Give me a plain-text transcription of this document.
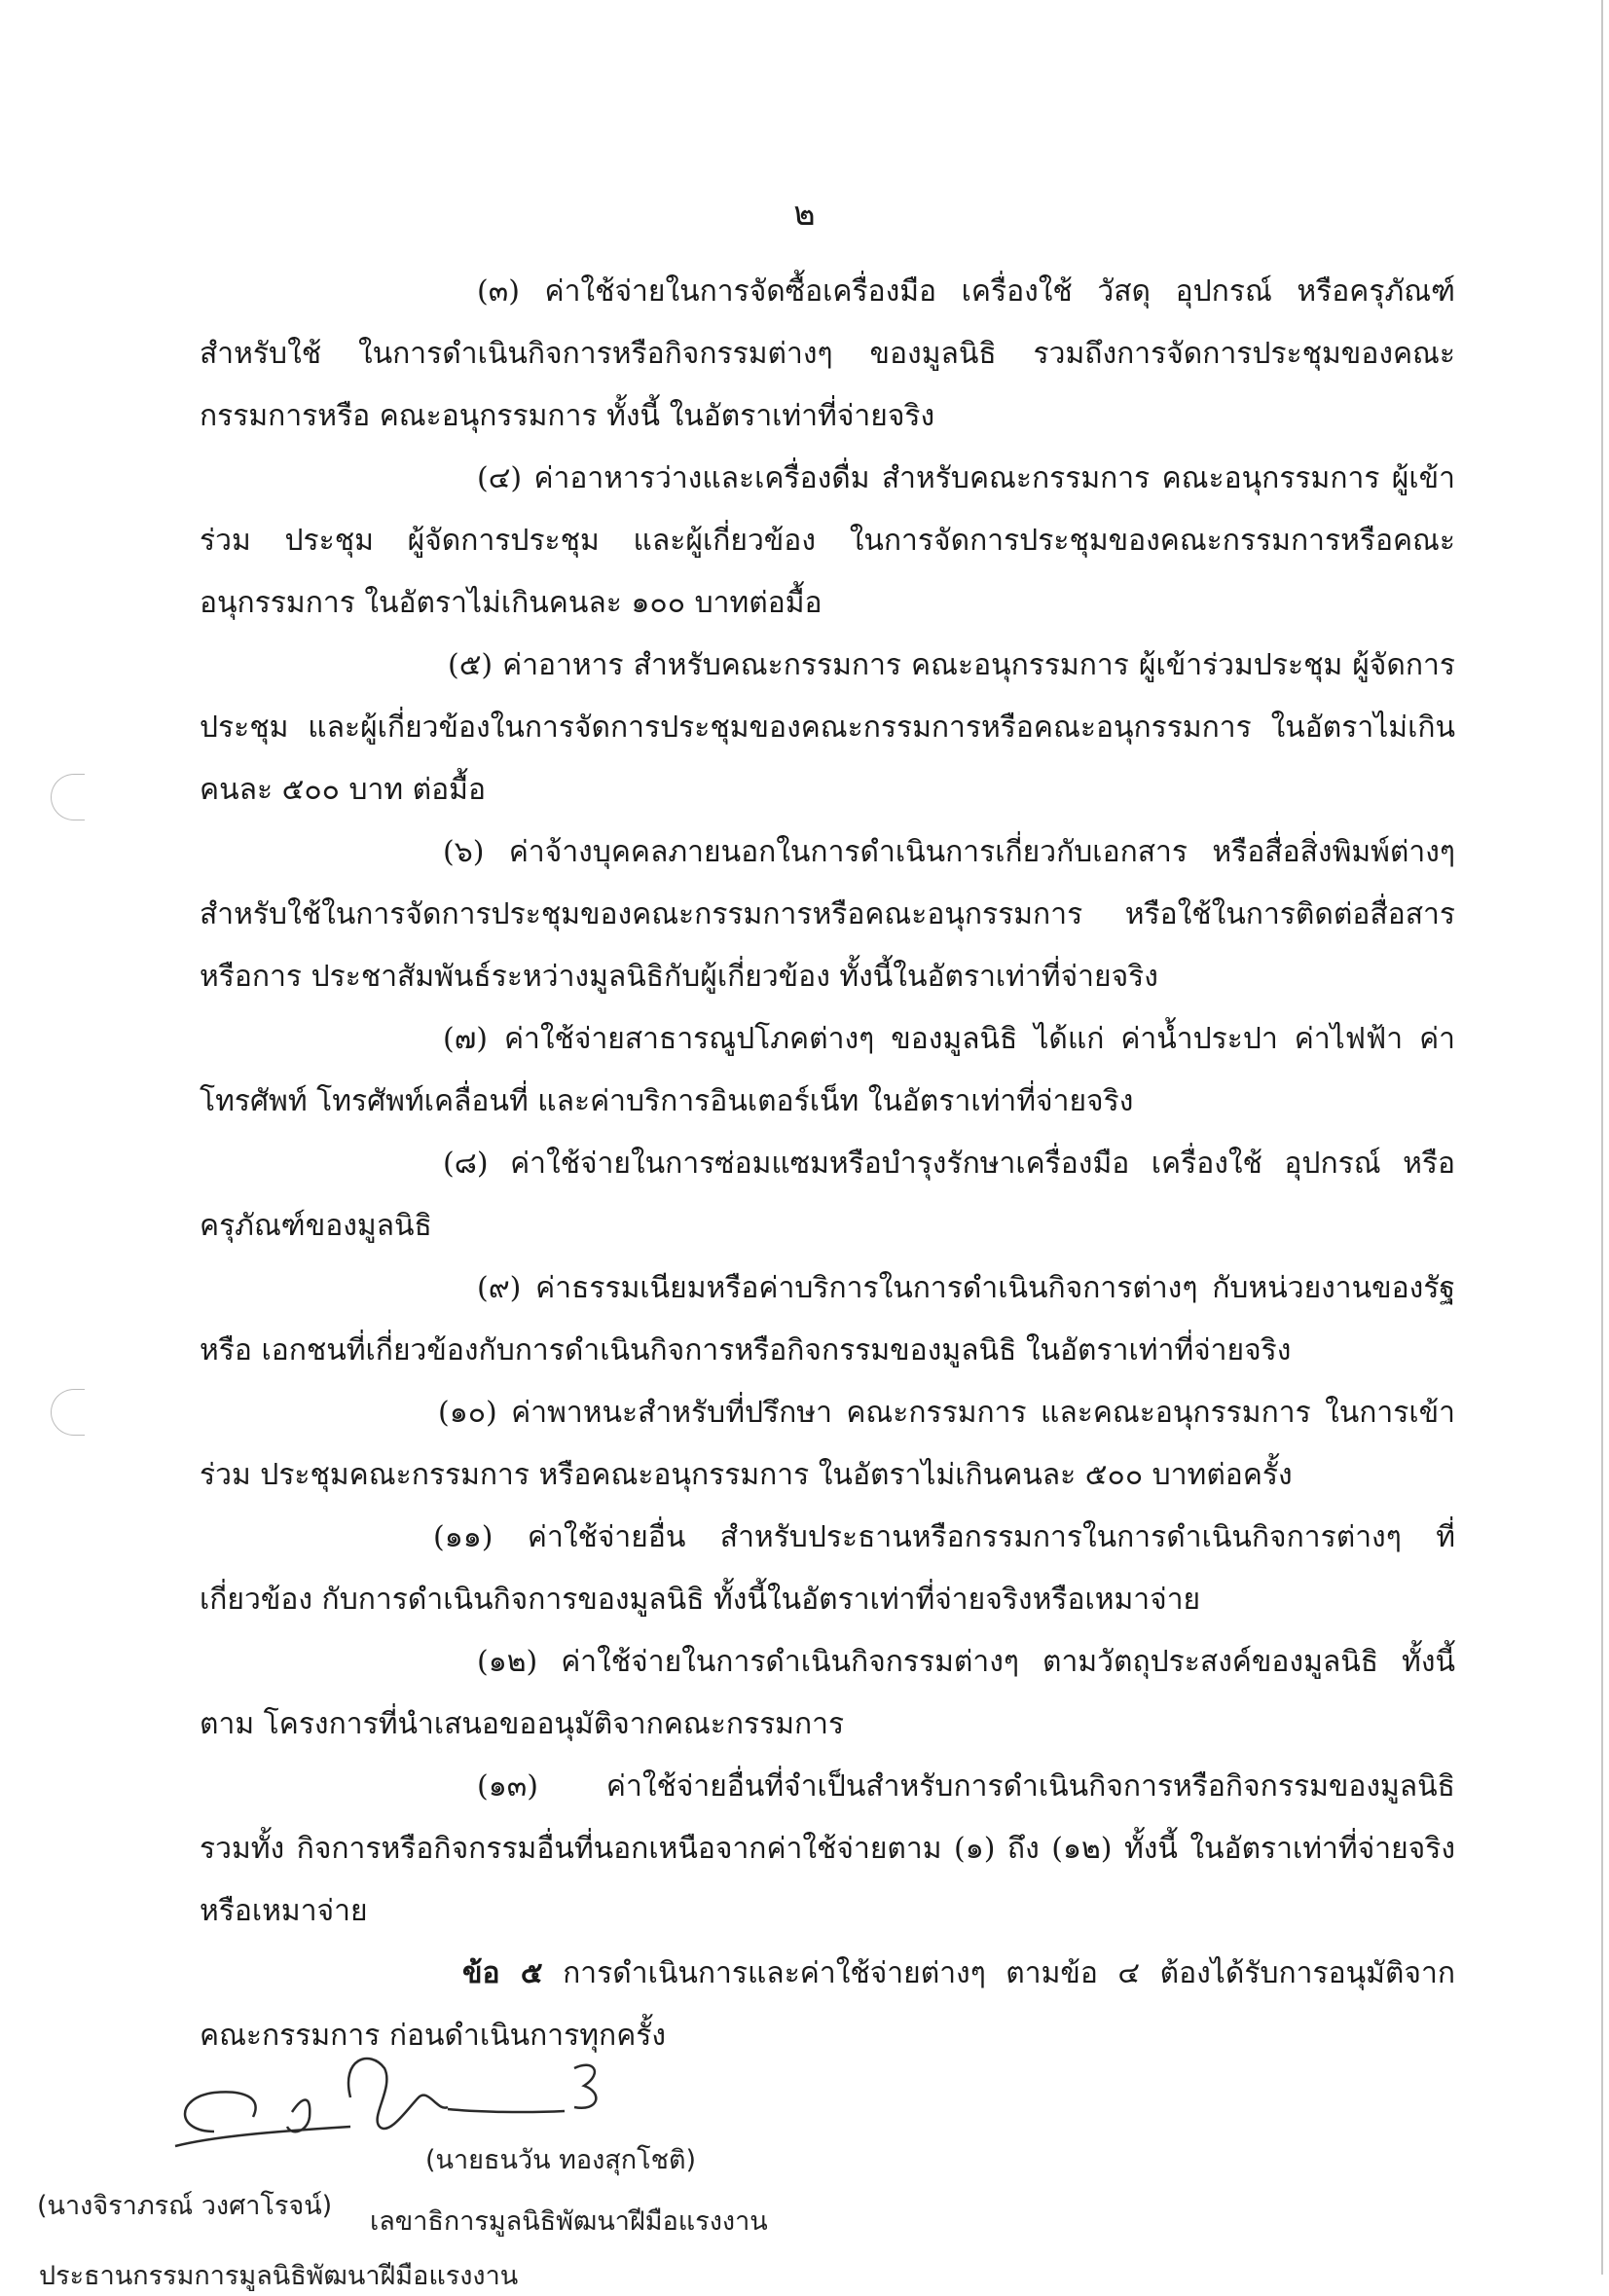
๒

(๓) ค่าใช้จ่ายในการจัดซื้อเครื่องมือ เครื่องใช้ วัสดุ อุปกรณ์ หรือครุภัณฑ์ สำหรับใช้ ในการดำเนินกิจการหรือกิจกรรมต่างๆ ของมูลนิธิ รวมถึงการจัดการประชุมของคณะกรรมการหรือ คณะอนุกรรมการ ทั้งนี้ ในอัตราเท่าที่จ่ายจริง

(๔) ค่าอาหารว่างและเครื่องดื่ม สำหรับคณะกรรมการ คณะอนุกรรมการ ผู้เข้าร่วม ประชุม ผู้จัดการประชุม และผู้เกี่ยวข้อง ในการจัดการประชุมของคณะกรรมการหรือคณะอนุกรรมการ ในอัตราไม่เกินคนละ ๑๐๐ บาทต่อมื้อ

(๕) ค่าอาหาร สำหรับคณะกรรมการ คณะอนุกรรมการ ผู้เข้าร่วมประชุม ผู้จัดการประชุม และผู้เกี่ยวข้องในการจัดการประชุมของคณะกรรมการหรือคณะอนุกรรมการ ในอัตราไม่เกินคนละ ๕๐๐ บาท ต่อมื้อ

(๖) ค่าจ้างบุคคลภายนอกในการดำเนินการเกี่ยวกับเอกสาร หรือสื่อสิ่งพิมพ์ต่างๆ สำหรับใช้ในการจัดการประชุมของคณะกรรมการหรือคณะอนุกรรมการ หรือใช้ในการติดต่อสื่อสารหรือการ ประชาสัมพันธ์ระหว่างมูลนิธิกับผู้เกี่ยวข้อง ทั้งนี้ในอัตราเท่าที่จ่ายจริง

(๗) ค่าใช้จ่ายสาธารณูปโภคต่างๆ ของมูลนิธิ ได้แก่ ค่าน้ำประปา ค่าไฟฟ้า ค่าโทรศัพท์ โทรศัพท์เคลื่อนที่ และค่าบริการอินเตอร์เน็ท ในอัตราเท่าที่จ่ายจริง

(๘) ค่าใช้จ่ายในการซ่อมแซมหรือบำรุงรักษาเครื่องมือ เครื่องใช้ อุปกรณ์ หรือ ครุภัณฑ์ของมูลนิธิ

(๙) ค่าธรรมเนียมหรือค่าบริการในการดำเนินกิจการต่างๆ กับหน่วยงานของรัฐหรือ เอกชนที่เกี่ยวข้องกับการดำเนินกิจการหรือกิจกรรมของมูลนิธิ ในอัตราเท่าที่จ่ายจริง

(๑๐) ค่าพาหนะสำหรับที่ปรึกษา คณะกรรมการ และคณะอนุกรรมการ ในการเข้าร่วม ประชุมคณะกรรมการ หรือคณะอนุกรรมการ ในอัตราไม่เกินคนละ ๕๐๐ บาทต่อครั้ง

(๑๑) ค่าใช้จ่ายอื่น สำหรับประธานหรือกรรมการในการดำเนินกิจการต่างๆ ที่เกี่ยวข้อง กับการดำเนินกิจการของมูลนิธิ ทั้งนี้ในอัตราเท่าที่จ่ายจริงหรือเหมาจ่าย

(๑๒) ค่าใช้จ่ายในการดำเนินกิจกรรมต่างๆ ตามวัตถุประสงค์ของมูลนิธิ ทั้งนี้ตาม โครงการที่นำเสนอขออนุมัติจากคณะกรรมการ

(๑๓) ค่าใช้จ่ายอื่นที่จำเป็นสำหรับการดำเนินกิจการหรือกิจกรรมของมูลนิธิ รวมทั้ง กิจการหรือกิจกรรมอื่นที่นอกเหนือจากค่าใช้จ่ายตาม (๑) ถึง (๑๒) ทั้งนี้ ในอัตราเท่าที่จ่ายจริงหรือเหมาจ่าย

ข้อ ๕ การดำเนินการและค่าใช้จ่ายต่างๆ ตามข้อ ๔ ต้องได้รับการอนุมัติจากคณะกรรมการ ก่อนดำเนินการทุกครั้ง

(นายธนวัน ทองสุกโชติ)
เลขาธิการมูลนิธิพัฒนาฝีมือแรงงาน
(นางจิราภรณ์ วงศาโรจน์)
ประธานกรรมการมูลนิธิพัฒนาฝีมือแรงงาน
